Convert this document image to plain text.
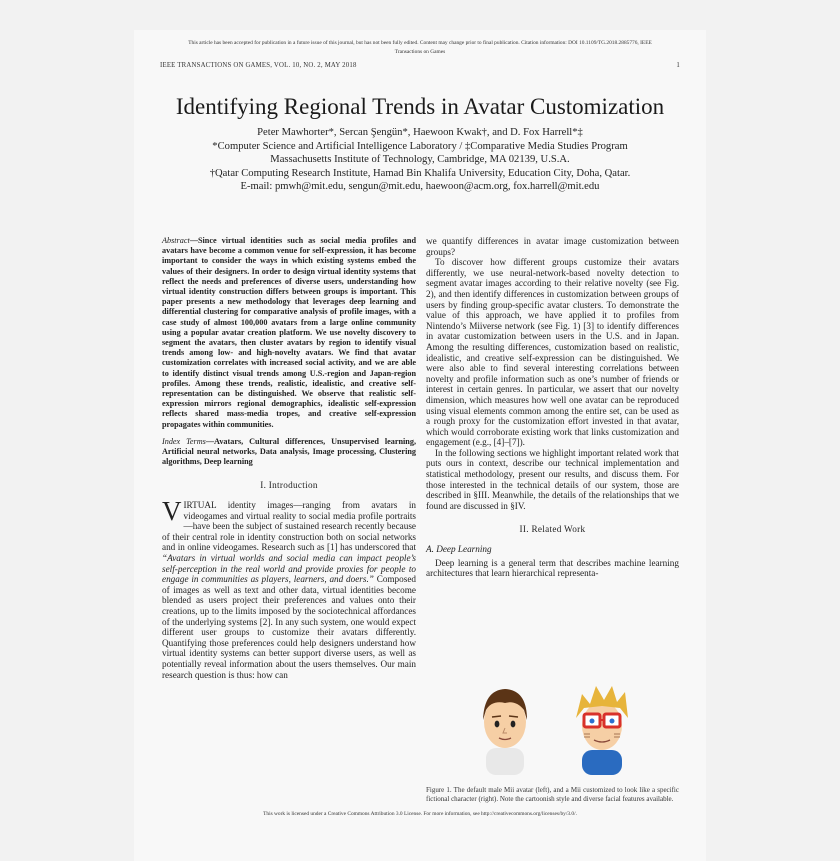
This article has been accepted for publication in a future issue of this journal, but has not been fully edited. Content may change prior to final publication. Citation information: DOI 10.1109/TG.2018.2885776, IEEE
Transactions on Games
IEEE TRANSACTIONS ON GAMES, VOL. 10, NO. 2, MAY 2018	1
Identifying Regional Trends in Avatar Customization
Peter Mawhorter*, Sercan Şengün*, Haewoon Kwak†, and D. Fox Harrell*‡
*Computer Science and Artificial Intelligence Laboratory / ‡Comparative Media Studies Program
Massachusetts Institute of Technology, Cambridge, MA 02139, U.S.A.
†Qatar Computing Research Institute, Hamad Bin Khalifa University, Education City, Doha, Qatar.
E-mail: pmwh@mit.edu, sengun@mit.edu, haewoon@acm.org, fox.harrell@mit.edu
Abstract—Since virtual identities such as social media profiles and avatars have become a common venue for self-expression, it has become important to consider the ways in which existing systems embed the values of their designers. In order to design virtual identity systems that reflect the needs and preferences of diverse users, understanding how virtual identity construction differs between groups is important. This paper presents a new methodology that leverages deep learning and differential clustering for comparative analysis of profile images, with a case study of almost 100,000 avatars from a large online community using a popular avatar creation platform. We use novelty discovery to segment the avatars, then cluster avatars by region to identify visual trends among low- and high-novelty avatars. We find that avatar customization correlates with increased social activity, and we are able to identify distinct visual trends among U.S.-region and Japan-region profiles. Among these trends, realistic, idealistic, and creative self-representation can be distinguished. We observe that realistic self-expression mirrors regional demographics, idealistic self-expression reflects shared mass-media tropes, and creative self-expression propagates within communities.
Index Terms—Avatars, Cultural differences, Unsupervised learning, Artificial neural networks, Data analysis, Image processing, Clustering algorithms, Deep learning
I. Introduction

VIRTUAL identity images—ranging from avatars in videogames and virtual reality to social media profile portraits—have been the subject of sustained research recently because of their central role in identity construction both on social networks and in online videogames. Research such as [1] has underscored that “Avatars in virtual worlds and social media can impact people’s self-perception in the real world and provide proxies for people to engage in communities as players, learners, and doers.” Composed of images as well as text and other data, virtual identities become blended as users project their preferences and values onto their creations, up to the limits imposed by the sociotechnical affordances of the underlying systems [2]. In any such system, one would expect different user groups to customize their avatars differently. Quantifying those preferences could help designers understand how virtual identity systems can better support diverse users, as well as potentially reveal information about the users themselves. Our main research question is thus: how can

we quantify differences in avatar image customization between groups?

To discover how different groups customize their avatars differently, we use neural-network-based novelty detection to segment avatar images according to their relative novelty (see Fig. 2), and then identify differences in customization between groups of users by finding group-specific avatar clusters. To demonstrate the value of this approach, we have applied it to profiles from Nintendo’s Miiverse network (see Fig. 1) [3] to identify differences in avatar customization between users in the U.S. and in Japan. Among the resulting differences, customization based on realistic, idealistic, and creative self-expression can be distinguished. We were also able to find several interesting correlations between novelty and profile information such as one’s number of friends or interest in certain genres. In particular, we assert that our novelty dimension, which measures how well one avatar can be reproduced using visual elements common among the entire set, can be used as a rough proxy for the customization effort invested in that avatar, which would corroborate existing work that links customization and engagement (e.g., [4]–[7]).

In the following sections we highlight important related work that puts ours in context, describe our technical implementation and statistical methodology, present our results, and discuss them. For those interested in the technical details of our system, those are described in §III. Meanwhile, the details of the relationships that we found are discussed in §IV.

II. Related Work
A. Deep Learning

Deep learning is a general term that describes machine learning architectures that learn hierarchical representa-

Figure 1. The default male Mii avatar (left), and a Mii customized to look like a specific fictional character (right). Note the cartoonish style and diverse facial features available.
This work is licensed under a Creative Commons Attribution 3.0 License. For more information, see http://creativecommons.org/licenses/by/3.0/.
